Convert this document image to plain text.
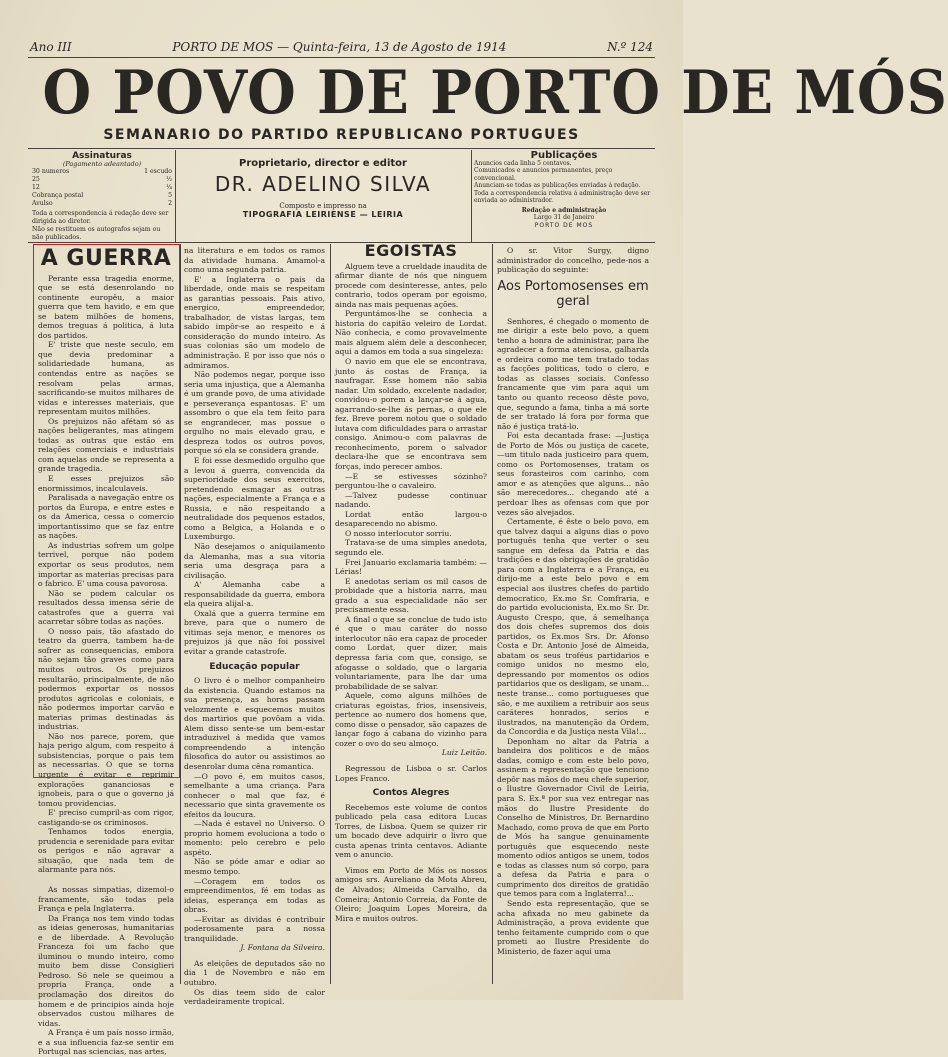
Ano III	PORTO DE MOS — Quinta-feira, 13 de Agosto de 1914	N.º 124
O POVO DE PORTO DE MÓS
SEMANARIO DO PARTIDO REPUBLICANO PORTUGUES
Assinaturas
(Pagamento adeantado)
30 numeros	1 escudo
25	½
12	¼
Cobrança postal	5
Avulso	2
Toda a correspondencia á redação deve ser dirigida ao diretor.
Não se restituem os autografos sejam ou não publicados.
Proprietario, director e editor
DR. ADELINO SILVA
Composto e impresso na
TIPOGRAFIA LEIRIENSE — LEIRIA
Publicações
Anuncios cada linha 5 centavos.
Comunicados e anuncios permanentes, preço convencional.
Anunciam-se todas as publicações enviadas á redação.
Toda a correspondencia relativa á administração deve ser enviada ao administrador.
Redação e administração
Largo 31 de Janeiro
PORTO DE MOS
A GUERRA

Perante essa tragedia enorme, que se está desenrolando no continente europêu, a maior guerra que tem havido, e em que se batem milhões de homens, demos treguas á politica, á luta dos partidos.

E' triste que neste seculo, em que devia predominar a solidariedade humana, as contendas entre as nações se resolvam pelas armas, sacrificando-se muitos milhares de vidas e interesses materiais, que representam muitos milhões.

Os prejuizos não afétam só as nações beligerantes, mas atingem todas as outras que estão em relações comerciais e industriais com aquelas onde se representa a grande tragedia.

E esses prejuizos são enormissimos, incalculaveis.

Paralisada a navegação entre os portos da Europa, e entre estes e os da America, cessa o comercio importantissimo que se faz entre as nações.

As industrias sofrem um golpe terrivel, porque não podem exportar os seus produtos, nem importar as materias precisas para o fabrico. E' uma cousa pavorosa.

Não se podem calcular os resultados dessa imensa série de catastrofes que a guerra vai acarretar sôbre todas as nações.

O nosso pais, tão afastado do teatro da guerra, tambem ha-de sofrer as consequencias, embora não sejam tão graves como para muitos outros. Os prejuizos resultarão, principalmente, de não podermos exportar os nossos produtos agricolas e coloniais, e não podermos importar carvão e materias primas destinadas ás industrias.

Não nos parece, porem, que haja perigo algum, com respeito á subsistencias, porque o pais tem as necessarias. O que se torna urgente é evitar e reprimir explorações gananciosas e ignobeis, para o que o governo já tomou providencias.

E' preciso cumpril-as com rigor, castigando-se os criminosos.

Tenhamos todos energia, prudencia e serenidade para evitar os perigos e não agravar a situação, que nada tem de alarmante para nós.

As nossas simpatias, dizemol-o francamente, são todas pela França e pela Inglaterra.

Da França nos tem vindo todas as ideias generosas, humanitarias e de liberdade. A Revolução Franceza foi um facho que iluminou o mundo inteiro, como muito bem disse Consiglieri Pedroso. Só nele se queimou a propria França, onde a proclamação dos direitos do homem e de principios ainda hoje observados custou milhares de vidas.

A França é um país nosso irmão, e a sua influencia faz-se sentir em Portugal nas sciencias, nas artes,

na literatura e em todos os ramos da atividade humana. Amamol-a como uma segunda patria.

E' a Inglaterra o pais da liberdade, onde mais se respeitam as garantias pessoais. Pais ativo, energico, empreendedor, trabalhador, de vistas largas, tem sabido impôr-se ao respeito e á consideração do mundo inteiro. As suas colonias são um modelo de administração. E por isso que nós o admiramos.

Não podemos negar, porque isso seria uma injustiça, que a Alemanha é um grande povo, de uma atividade e perseverança espantosas. E' um assombro o que ela tem feito para se engrandecer, mas possue o orgulho no mais elevado grau, e despreza todos os outros povos, porque só ela se considera grande.

E foi esse desmedido orgulho que a levou á guerra, convencida da superioridade dos seus exercitos, pretendendo esmagar as outras nações, especialmente a França e a Russia, e não respeitando a neutralidade dos pequenos estados, como a Belgica, a Holanda e o Luxemburgo.

Não desejamos o aniquilamento da Alemanha, mas a sua vitoria seria uma desgraça para a civilisação.

A' Alemanha cabe a responsabilidade da guerra, embora ela queira alijal-a.

Oxalá que a guerra termine em breve, para que o numero de vitimas seja menor, e menores os prejuizos já que não foi possivel evitar a grande catastrofe.

Educação popular

O livro é o melhor companheiro da existencia. Quando estamos na sua presença, as horas passam velozmente e esquecemos muitos dos martirios que povôam a vida. Alem disso sente-se um bem-estar intraduzivel á medida que vamos compreendendo a intenção filosofica do autor ou assistimos ao desenrolar duma cêna romantica.

—O povo é, em muitos casos, semelhante a uma criança. Para conhecer o mal que faz, é necessario que sinta gravemente os efeitos da loucura.

—Nada é estavel no Universo. O proprio homem evoluciona a todo o momento: pelo cerebro e pelo aspéto.

Não se póde amar e odiar ao mesmo tempo.

—Coragem em todos os empreendimentos, fé em todas as ideias, esperança em todas as obras.

—Evitar as dividas é contribuir poderosamente para a nossa tranquilidade.

J. Fontana da Silveira.

As eleições de deputados são no dia 1 de Novembro e não em outubro.

Os dias teem sido de calor verdadeiramente tropical.

EGOISTAS

Alguem teve a crueldade inaudita de afirmar diante de nós que ninguem procede com desinteresse, antes, pelo contrario, todos operam por egoismo, ainda nas mais pequenas ações.

Perguntámos-lhe se conhecia a historia do capitão veleiro de Lordat. Não conhecia, e como provavelmente mais alguem além dele a desconhecer, aqui a damos em toda a sua singeleza:

O navio em que ele se encontrava, junto ás costas de França, ia naufragar. Esse homem não sabia nadar. Um soldado, excelente nadador, convidou-o porem a lançar-se á agua, agarrando-se-lhe ás pernas, o que ele fez. Breve porem notou que o soldado lutava com dificuldades para o arrastar consigo. Animou-o com palavras de reconhecimento, porem o salvador declara-lhe que se encontrava sem forças, indo perecer ambos.

—E se estivesses sózinho? perguntou-lhe o cavaleiro.

—Talvez pudesse continuar nadando.

Lordat então largou-o desaparecendo no abismo.

O nosso interlocutor sorriu.

Tratava-se de uma simples anedota, segundo ele.

Frei Januario exclamaria também: —Lérias!

E anedotas seriam os mil casos de probidade que a historia narra, mau grado a sua especialidade não ser precisamente essa.

A final o que se conclue de tudo isto é que o mau caráter do nosso interlocutor não era capaz de proceder como Lordat, quer dizer, mais depressa faria com que, consigo, se afogasse o soldado, que o largaria voluntariamente, para lhe dar uma probabilidade de se salvar.

Aquele, como alguns milhões de criaturas egoistas, frios, insensiveis, pertence ao numero dos homens que, como disse o pensador, são capazes de lançar fogo á cabana do vizinho para cozer o ovo do seu almoço.

Luiz Leitão.

Regressou de Lisboa o sr. Carlos Lopes Franco.

Contos Alegres

Recebemos este volume de contos publicado pela casa editora Lucas Torres, de Lisboa. Quem se quizer rir um bocado deve adquirir o livro que custa apenas trinta centavos. Adiante vem o anuncio.

Vimos em Porto de Mós os nossos amigos srs. Aureliano da Mota Abreu, de Alvados; Almeida Carvalho, da Comeira; Antonio Correia, da Fonte de Oleiro; Joaquim Lopes Moreira, da Mira e muitos outros.

O sr. Vitor Surgy, digno administrador do concelho, pede-nos a publicação do seguinte:

Aos Portomosenses em geral

Senhores, é chegado o momento de me dirigir a este belo povo, a quem tenho a honra de administrar, para lhe agradecer a forma atenciosa, galharda e ordeira como me tem tratado todas as facções politicas, todo o clero, e todas as classes sociais. Confesso francamente que vim para aqui um tanto ou quanto receoso dêste povo, que, segundo a fama, tinha a má sorte de ser tratado lá fora por forma que não é justiça tratá-lo.

Foi esta decantada frase: —Justiça de Porto de Mós ou justiça de cacete, —um titulo nada justiceiro para quem, como os Portomosenses, tratam os seus forasteiros com carinho, com amor e as atenções que alguns... não são merecedores... chegando até a perdoar lhes as ofensas com que por vezes são alvejados.

Certamente, é êste o belo povo, em que talvez daqui a alguns dias o povo português tenha que verter o seu sangue em defesa da Patria e das tradições e das obrigações de gratidão para com a Inglaterra e a França, eu dirijo-me a este belo povo e em especial aos ilustres chefes do partido democratico, Ex.mo Sr. Comfraria, e do partido evolucionista, Ex.mo Sr. Dr. Augusto Crespo, que, á semelhança dos dois chefes supremos dos dois partidos, os Ex.mos Srs. Dr. Afonso Costa e Dr. Antonio José de Almeida, abatam os seus troféus partidarios e comigo unidos no mesmo elo, depressando por momentos os odios partidarios que os desligam, se unam... neste transe... como portugueses que são, e me auxiliem a retribuir aos seus caráteres honrados, serios e ilustrados, na manutenção da Ordem, da Concordia e da Justiça nesta Vila!...

Deponham no altar da Patria a bandeira dos politicos e de mãos dadas, comigo e com este belo povo, assinem a representação que tenciono depôr nas mãos do meu chefe superior, o Ilustre Governador Civil de Leiria, para S. Ex.ª por sua vez entregar nas mãos do Ilustre Presidente do Conselho de Ministros, Dr. Bernardino Machado, como prova de que em Porto de Mós ha sangue genuinamente português que esquecendo neste momento odios antigos se unem, todos e todas as classes num só corpo, para a defesa da Patria e para o cumprimento dos direitos de gratidão que temos para com a Inglaterra!...

Sendo esta representação, que se acha afixada no meu gabinete da Administração, a prova evidente que tenho feitamente cumprido com o que prometi ao Ilustre Presidente do Ministerio, de fazer aqui uma
